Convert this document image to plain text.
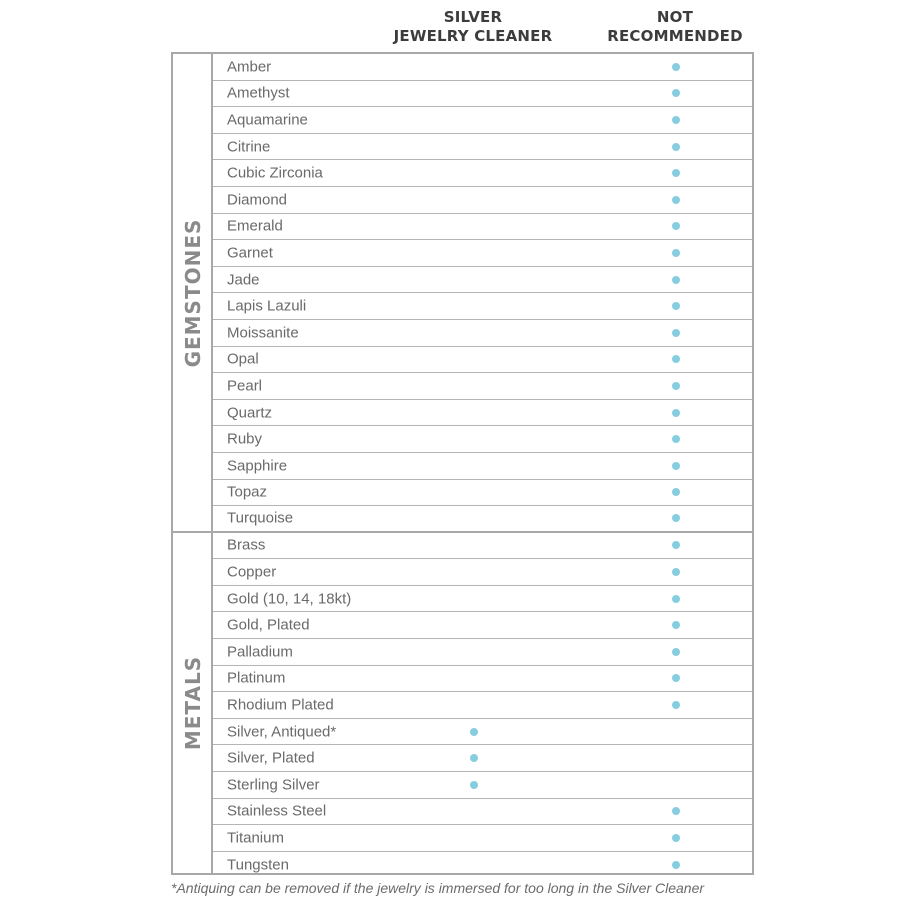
SILVER
JEWELRY CLEANER
NOT
RECOMMENDED
GEMSTONES
METALS
Amber
Amethyst
Aquamarine
Citrine
Cubic Zirconia
Diamond
Emerald
Garnet
Jade
Lapis Lazuli
Moissanite
Opal
Pearl
Quartz
Ruby
Sapphire
Topaz
Turquoise
Brass
Copper
Gold (10, 14, 18kt)
Gold, Plated
Palladium
Platinum
Rhodium Plated
Silver, Antiqued*
Silver, Plated
Sterling Silver
Stainless Steel
Titanium
Tungsten
*Antiquing can be removed if the jewelry is immersed for too long in the Silver Cleaner
